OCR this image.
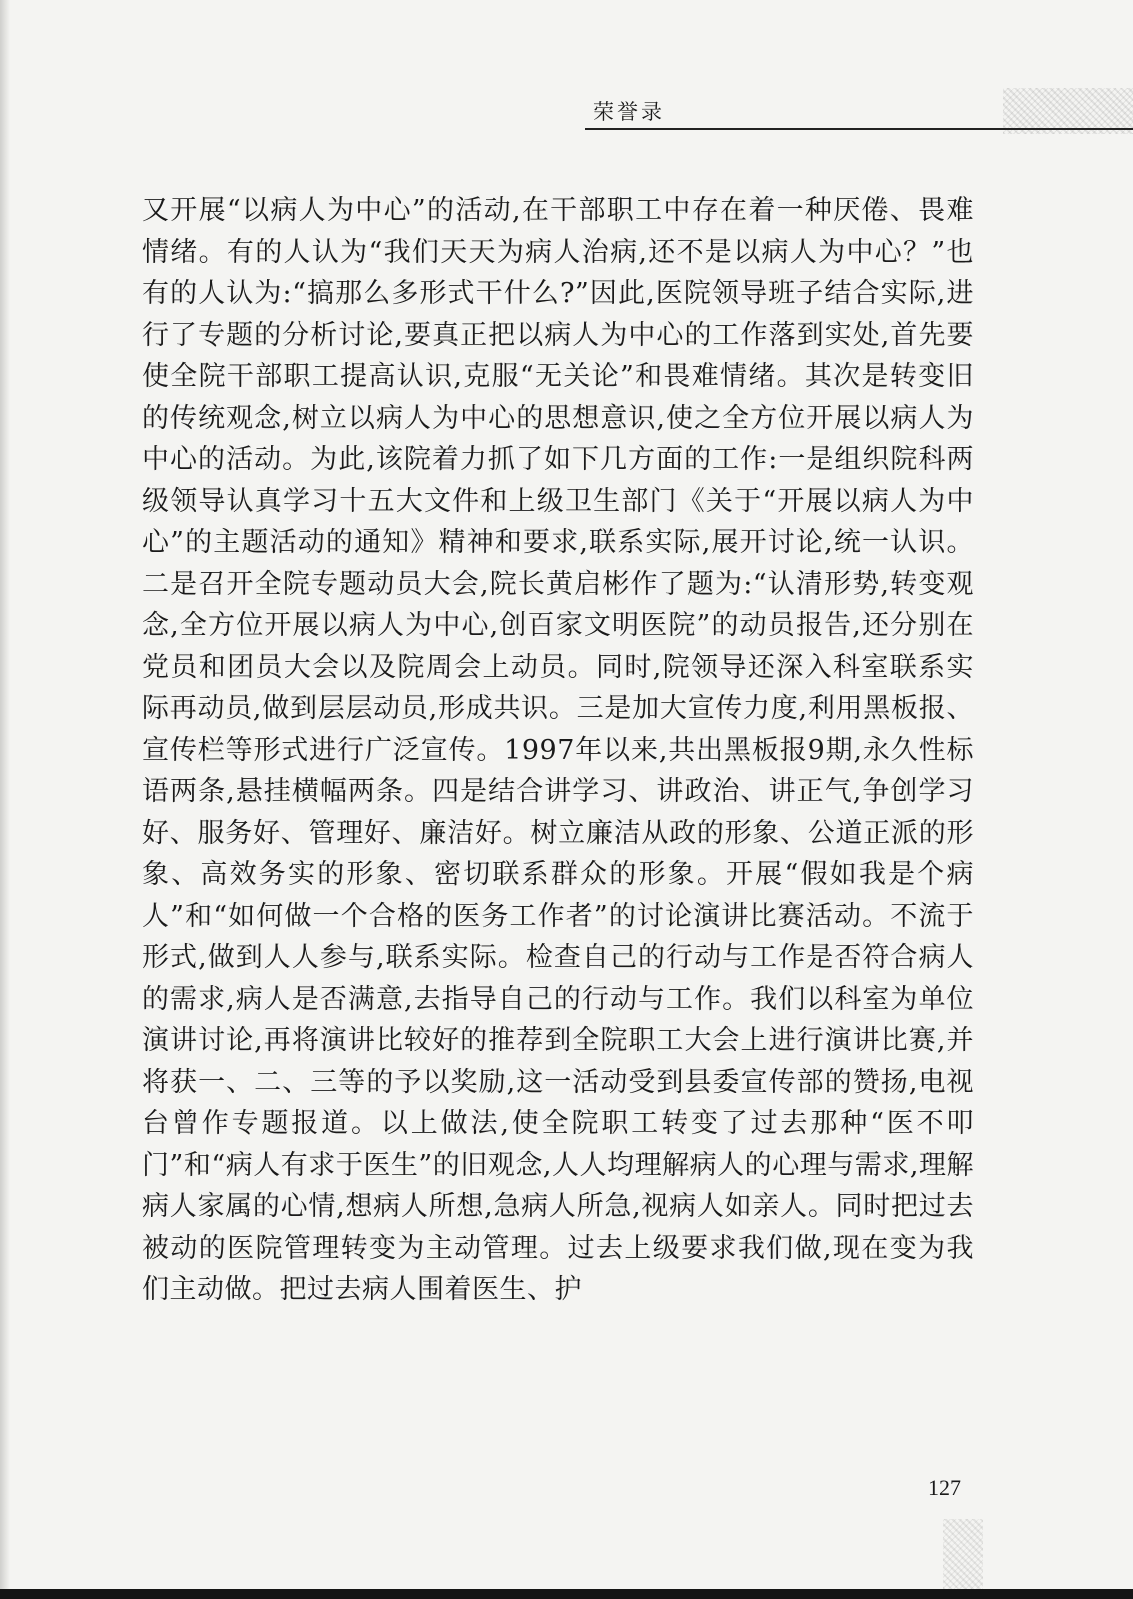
荣誉录

又开展“以病人为中心”的活动,在干部职工中存在着一种厌倦、畏难情绪。有的人认为“我们天天为病人治病,还不是以病人为中心？”也有的人认为:“搞那么多形式干什么?”因此,医院领导班子结合实际,进行了专题的分析讨论,要真正把以病人为中心的工作落到实处,首先要使全院干部职工提高认识,克服“无关论”和畏难情绪。其次是转变旧的传统观念,树立以病人为中心的思想意识,使之全方位开展以病人为中心的活动。为此,该院着力抓了如下几方面的工作:一是组织院科两级领导认真学习十五大文件和上级卫生部门《关于“开展以病人为中心”的主题活动的通知》精神和要求,联系实际,展开讨论,统一认识。二是召开全院专题动员大会,院长黄启彬作了题为:“认清形势,转变观念,全方位开展以病人为中心,创百家文明医院”的动员报告,还分别在党员和团员大会以及院周会上动员。同时,院领导还深入科室联系实际再动员,做到层层动员,形成共识。三是加大宣传力度,利用黑板报、宣传栏等形式进行广泛宣传。1997年以来,共出黑板报9期,永久性标语两条,悬挂横幅两条。四是结合讲学习、讲政治、讲正气,争创学习好、服务好、管理好、廉洁好。树立廉洁从政的形象、公道正派的形象、高效务实的形象、密切联系群众的形象。开展“假如我是个病人”和“如何做一个合格的医务工作者”的讨论演讲比赛活动。不流于形式,做到人人参与,联系实际。检查自己的行动与工作是否符合病人的需求,病人是否满意,去指导自己的行动与工作。我们以科室为单位演讲讨论,再将演讲比较好的推荐到全院职工大会上进行演讲比赛,并将获一、二、三等的予以奖励,这一活动受到县委宣传部的赞扬,电视台曾作专题报道。以上做法,使全院职工转变了过去那种“医不叩门”和“病人有求于医生”的旧观念,人人均理解病人的心理与需求,理解病人家属的心情,想病人所想,急病人所急,视病人如亲人。同时把过去被动的医院管理转变为主动管理。过去上级要求我们做,现在变为我们主动做。把过去病人围着医生、护

127
